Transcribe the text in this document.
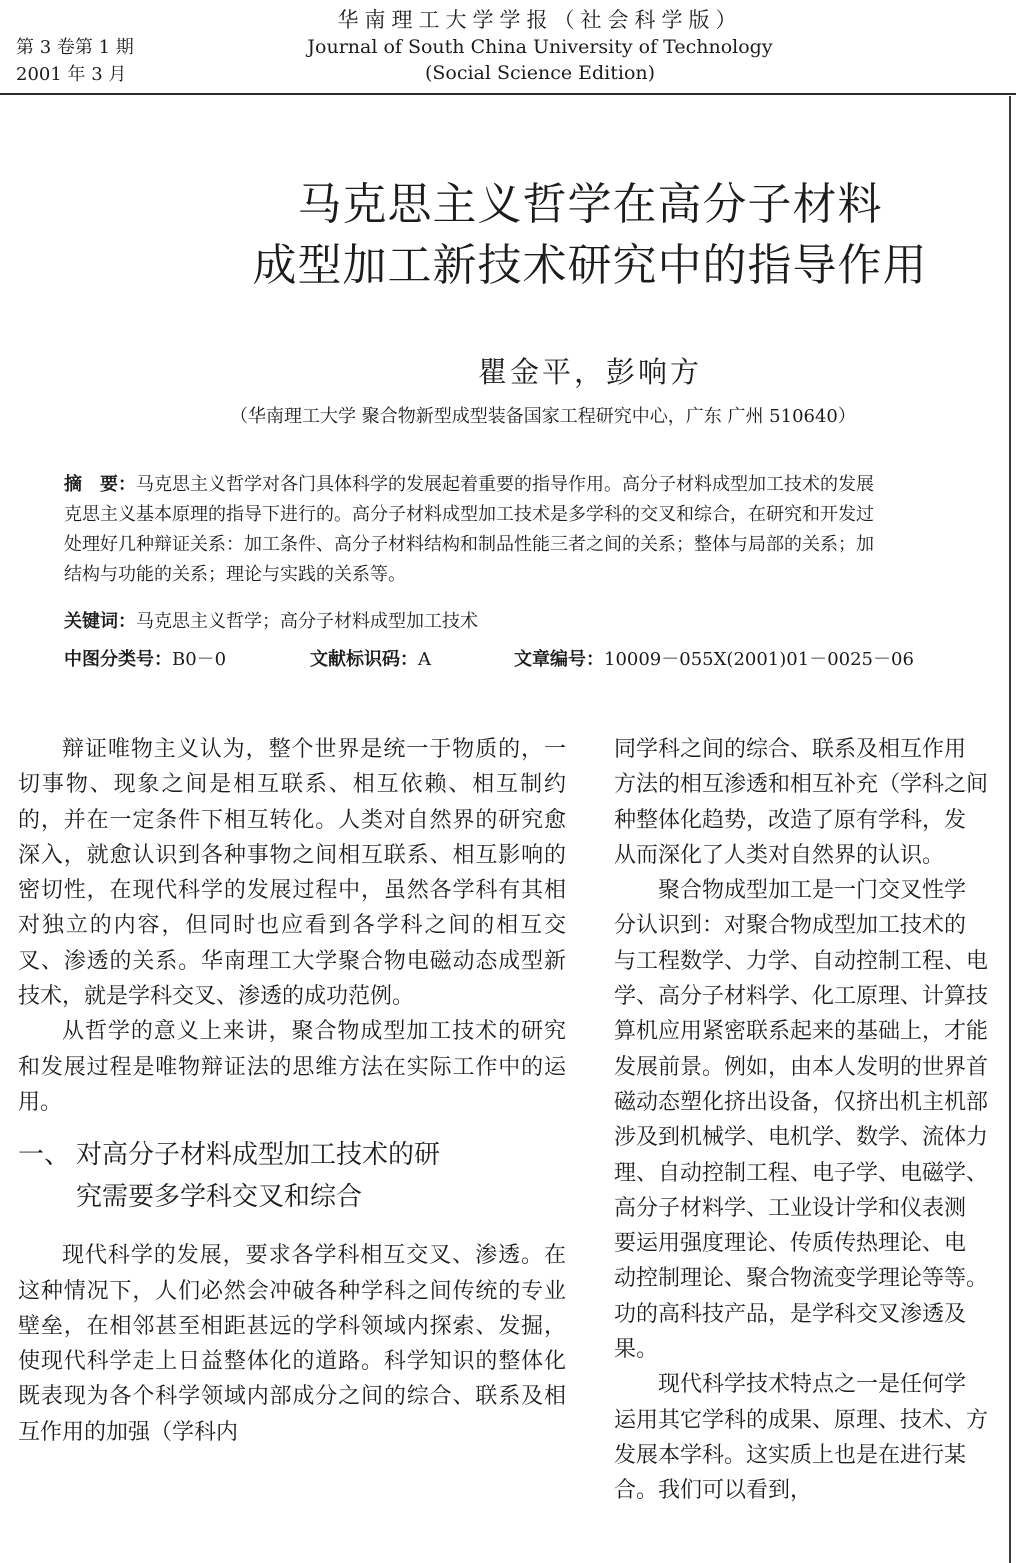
第 3 卷第 1 期
2001 年 3 月
华南理工大学学报（社会科学版）
Journal of South China University of Technology
(Social Science Edition)
马克思主义哲学在高分子材料
成型加工新技术研究中的指导作用
瞿金平，彭响方
（华南理工大学 聚合物新型成型装备国家工程研究中心，广东 广州 510640）
摘　要：马克思主义哲学对各门具体科学的发展起着重要的指导作用。高分子材料成型加工技术的发展
克思主义基本原理的指导下进行的。高分子材料成型加工技术是多学科的交叉和综合，在研究和开发过
处理好几种辩证关系：加工条件、高分子材料结构和制品性能三者之间的关系；整体与局部的关系；加
结构与功能的关系；理论与实践的关系等。
关键词：马克思主义哲学；高分子材料成型加工技术
中图分类号：B0－0	文献标识码：A	文章编号：10009－055X(2001)01－0025－06

辩证唯物主义认为，整个世界是统一于物质的，一切事物、现象之间是相互联系、相互依赖、相互制约的，并在一定条件下相互转化。人类对自然界的研究愈深入，就愈认识到各种事物之间相互联系、相互影响的密切性，在现代科学的发展过程中，虽然各学科有其相对独立的内容，但同时也应看到各学科之间的相互交叉、渗透的关系。华南理工大学聚合物电磁动态成型新技术，就是学科交叉、渗透的成功范例。

从哲学的意义上来讲，聚合物成型加工技术的研究和发展过程是唯物辩证法的思维方法在实际工作中的运用。

一、 对高分子材料成型加工技术的研
究需要多学科交叉和综合

现代科学的发展，要求各学科相互交叉、渗透。在这种情况下，人们必然会冲破各种学科之间传统的专业壁垒，在相邻甚至相距甚远的学科领域内探索、发掘，使现代科学走上日益整体化的道路。科学知识的整体化既表现为各个科学领域内部成分之间的综合、联系及相互作用的加强（学科内

同学科之间的综合、联系及相互作用

方法的相互渗透和相互补充（学科之间

种整体化趋势，改造了原有学科，发

从而深化了人类对自然界的认识。

　　聚合物成型加工是一门交叉性学

分认识到：对聚合物成型加工技术的

与工程数学、力学、自动控制工程、电

学、高分子材料学、化工原理、计算技

算机应用紧密联系起来的基础上，才能

发展前景。例如，由本人发明的世界首

磁动态塑化挤出设备，仅挤出机主机部

涉及到机械学、电机学、数学、流体力

理、自动控制工程、电子学、电磁学、

高分子材料学、工业设计学和仪表测

要运用强度理论、传质传热理论、电

动控制理论、聚合物流变学理论等等。

功的高科技产品，是学科交叉渗透及

果。

　　现代科学技术特点之一是任何学

运用其它学科的成果、原理、技术、方

发展本学科。这实质上也是在进行某

合。我们可以看到，
